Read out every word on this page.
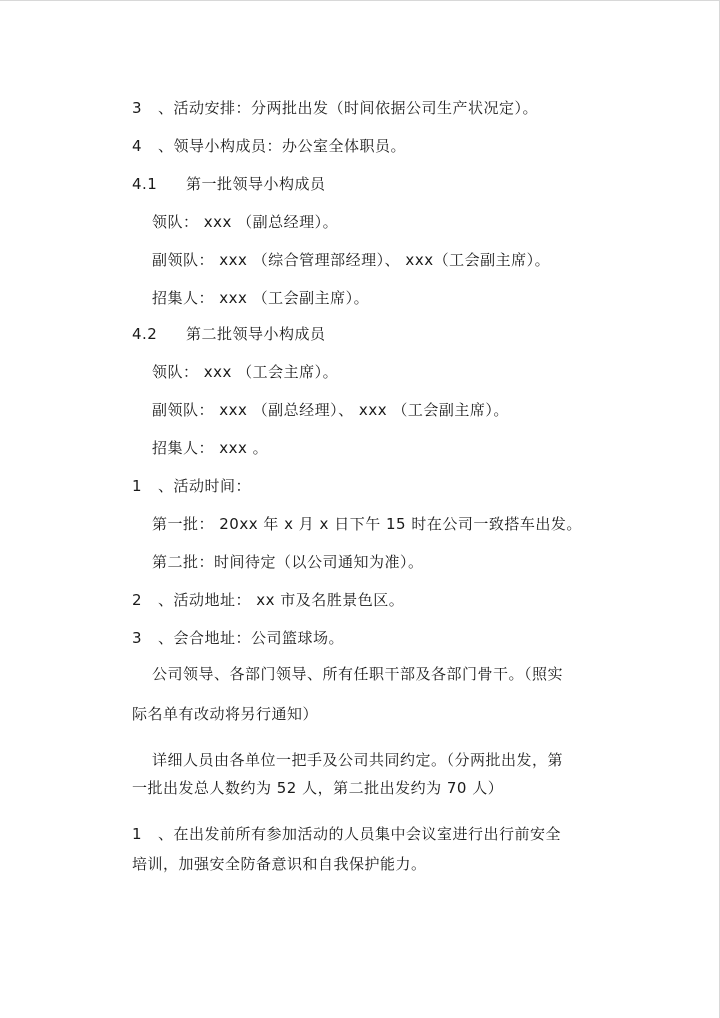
3 、活动安排：分两批出发（时间依据公司生产状况定）。
4 、领导小构成员：办公室全体职员。
4.1 第一批领导小构成员
领队： xxx （副总经理）。
副领队： xxx （综合管理部经理）、 xxx（工会副主席）。
招集人： xxx （工会副主席）。
4.2 第二批领导小构成员
领队： xxx （工会主席）。
副领队： xxx （副总经理）、 xxx （工会副主席）。
招集人： xxx 。
1 、活动时间：
第一批： 20xx 年 x 月 x 日下午 15 时在公司一致搭车出发。
第二批：时间待定（以公司通知为准）。
2 、活动地址： xx 市及名胜景色区。
3 、会合地址：公司篮球场。
公司领导、各部门领导、所有任职干部及各部门骨干。（照实
际名单有改动将另行通知）
详细人员由各单位一把手及公司共同约定。（分两批出发，第
一批出发总人数约为 52 人，第二批出发约为 70 人）
1 、在出发前所有参加活动的人员集中会议室进行出行前安全
培训，加强安全防备意识和自我保护能力。
